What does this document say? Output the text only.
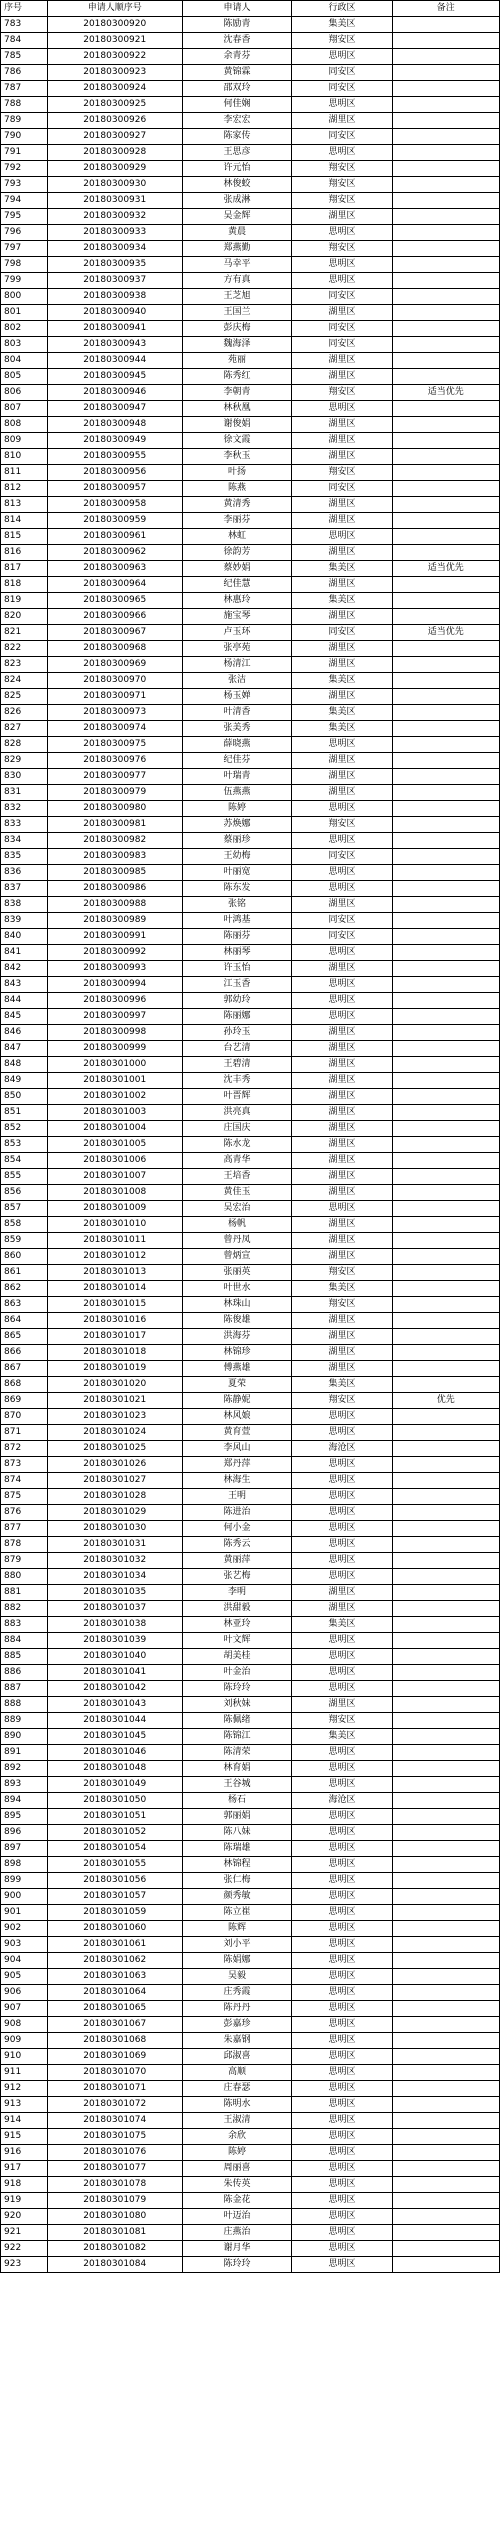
序号	申请人顺序号	申请人	行政区	备注
783	20180300920	陈励青	集美区	
784	20180300921	沈春香	翔安区	
785	20180300922	余青芬	思明区	
786	20180300923	黄锦霖	同安区	
787	20180300924	邵双玲	同安区	
788	20180300925	何佳娴	思明区	
789	20180300926	李宏宏	湖里区	
790	20180300927	陈家传	同安区	
791	20180300928	王思彦	思明区	
792	20180300929	许元怡	翔安区	
793	20180300930	林俊蛟	翔安区	
794	20180300931	张成淋	翔安区	
795	20180300932	吴金辉	湖里区	
796	20180300933	黄晨	思明区	
797	20180300934	郑燕勤	翔安区	
798	20180300935	马幸平	思明区	
799	20180300937	方有真	思明区	
800	20180300938	王芝旭	同安区	
801	20180300940	王国兰	湖里区	
802	20180300941	彭庆梅	同安区	
803	20180300943	魏海泽	同安区	
804	20180300944	苑丽	湖里区	
805	20180300945	陈秀红	湖里区	
806	20180300946	李朝青	翔安区	适当优先
807	20180300947	林秋凰	思明区	
808	20180300948	谢俊娟	湖里区	
809	20180300949	徐文霞	湖里区	
810	20180300955	李秋玉	湖里区	
811	20180300956	叶扬	翔安区	
812	20180300957	陈燕	同安区	
813	20180300958	黄清秀	湖里区	
814	20180300959	李丽芬	湖里区	
815	20180300961	林虹	思明区	
816	20180300962	徐韵芳	湖里区	
817	20180300963	蔡妙娟	集美区	适当优先
818	20180300964	纪佳慧	湖里区	
819	20180300965	林惠玲	集美区	
820	20180300966	施宝琴	湖里区	
821	20180300967	卢玉环	同安区	适当优先
822	20180300968	张亭苑	湖里区	
823	20180300969	杨清江	湖里区	
824	20180300970	张洁	集美区	
825	20180300971	杨玉婵	湖里区	
826	20180300973	叶清香	集美区	
827	20180300974	张美秀	集美区	
828	20180300975	薛晓燕	思明区	
829	20180300976	纪佳芬	湖里区	
830	20180300977	叶瑞青	湖里区	
831	20180300979	伍燕燕	湖里区	
832	20180300980	陈婷	思明区	
833	20180300981	苏焕娜	翔安区	
834	20180300982	蔡丽珍	思明区	
835	20180300983	王幼梅	同安区	
836	20180300985	叶丽宽	思明区	
837	20180300986	陈东发	思明区	
838	20180300988	张铭	湖里区	
839	20180300989	叶鸿基	同安区	
840	20180300991	陈丽芬	同安区	
841	20180300992	林丽琴	思明区	
842	20180300993	许玉怡	湖里区	
843	20180300994	江玉香	思明区	
844	20180300996	郭幼玲	思明区	
845	20180300997	陈丽娜	思明区	
846	20180300998	孙玲玉	湖里区	
847	20180300999	台艺清	湖里区	
848	20180301000	王碧清	湖里区	
849	20180301001	沈丰秀	湖里区	
850	20180301002	叶晋辉	湖里区	
851	20180301003	洪亮真	湖里区	
852	20180301004	庄国庆	湖里区	
853	20180301005	陈水龙	湖里区	
854	20180301006	高青华	湖里区	
855	20180301007	王培香	湖里区	
856	20180301008	黄佳玉	湖里区	
857	20180301009	吴宏治	思明区	
858	20180301010	杨帆	湖里区	
859	20180301011	曾丹凤	湖里区	
860	20180301012	曾炳宣	湖里区	
861	20180301013	张丽英	翔安区	
862	20180301014	叶世水	集美区	
863	20180301015	林珠山	翔安区	
864	20180301016	陈俊雄	湖里区	
865	20180301017	洪海芬	湖里区	
866	20180301018	林锦珍	湖里区	
867	20180301019	傅燕雄	湖里区	
868	20180301020	夏荣	集美区	
869	20180301021	陈静妮	翔安区	优先
870	20180301023	林风娘	思明区	
871	20180301024	黄育萱	思明区	
872	20180301025	李风山	海沧区	
873	20180301026	郑丹萍	思明区	
874	20180301027	林海生	思明区	
875	20180301028	王明	思明区	
876	20180301029	陈进治	思明区	
877	20180301030	何小金	思明区	
878	20180301031	陈秀云	思明区	
879	20180301032	黄丽萍	思明区	
880	20180301034	张艺梅	思明区	
881	20180301035	李明	湖里区	
882	20180301037	洪甜毅	湖里区	
883	20180301038	林亚玲	集美区	
884	20180301039	叶文辉	思明区	
885	20180301040	胡美桂	思明区	
886	20180301041	叶金治	思明区	
887	20180301042	陈玲玲	思明区	
888	20180301043	刘秋妹	湖里区	
889	20180301044	陈佩绪	翔安区	
890	20180301045	陈锦江	集美区	
891	20180301046	陈清荣	思明区	
892	20180301048	林育娟	思明区	
893	20180301049	王谷城	思明区	
894	20180301050	杨石	海沧区	
895	20180301051	郭丽娟	思明区	
896	20180301052	陈八妹	思明区	
897	20180301054	陈瑞雄	思明区	
898	20180301055	林锦程	思明区	
899	20180301056	张仁梅	思明区	
900	20180301057	颜秀敏	思明区	
901	20180301059	陈立崔	思明区	
902	20180301060	陈辉	思明区	
903	20180301061	刘小平	思明区	
904	20180301062	陈娟娜	思明区	
905	20180301063	吴毅	思明区	
906	20180301064	庄秀霞	思明区	
907	20180301065	陈丹丹	思明区	
908	20180301067	彭嘉珍	思明区	
909	20180301068	朱嘉钢	思明区	
910	20180301069	邱淑喜	思明区	
911	20180301070	高顺	思明区	
912	20180301071	庄春瑟	思明区	
913	20180301072	陈明水	思明区	
914	20180301074	王淑清	思明区	
915	20180301075	余欣	思明区	
916	20180301076	陈婷	思明区	
917	20180301077	周丽喜	思明区	
918	20180301078	朱传英	思明区	
919	20180301079	陈金花	思明区	
920	20180301080	叶迈治	思明区	
921	20180301081	庄燕治	思明区	
922	20180301082	谢月华	思明区	
923	20180301084	陈玲玲	思明区	
